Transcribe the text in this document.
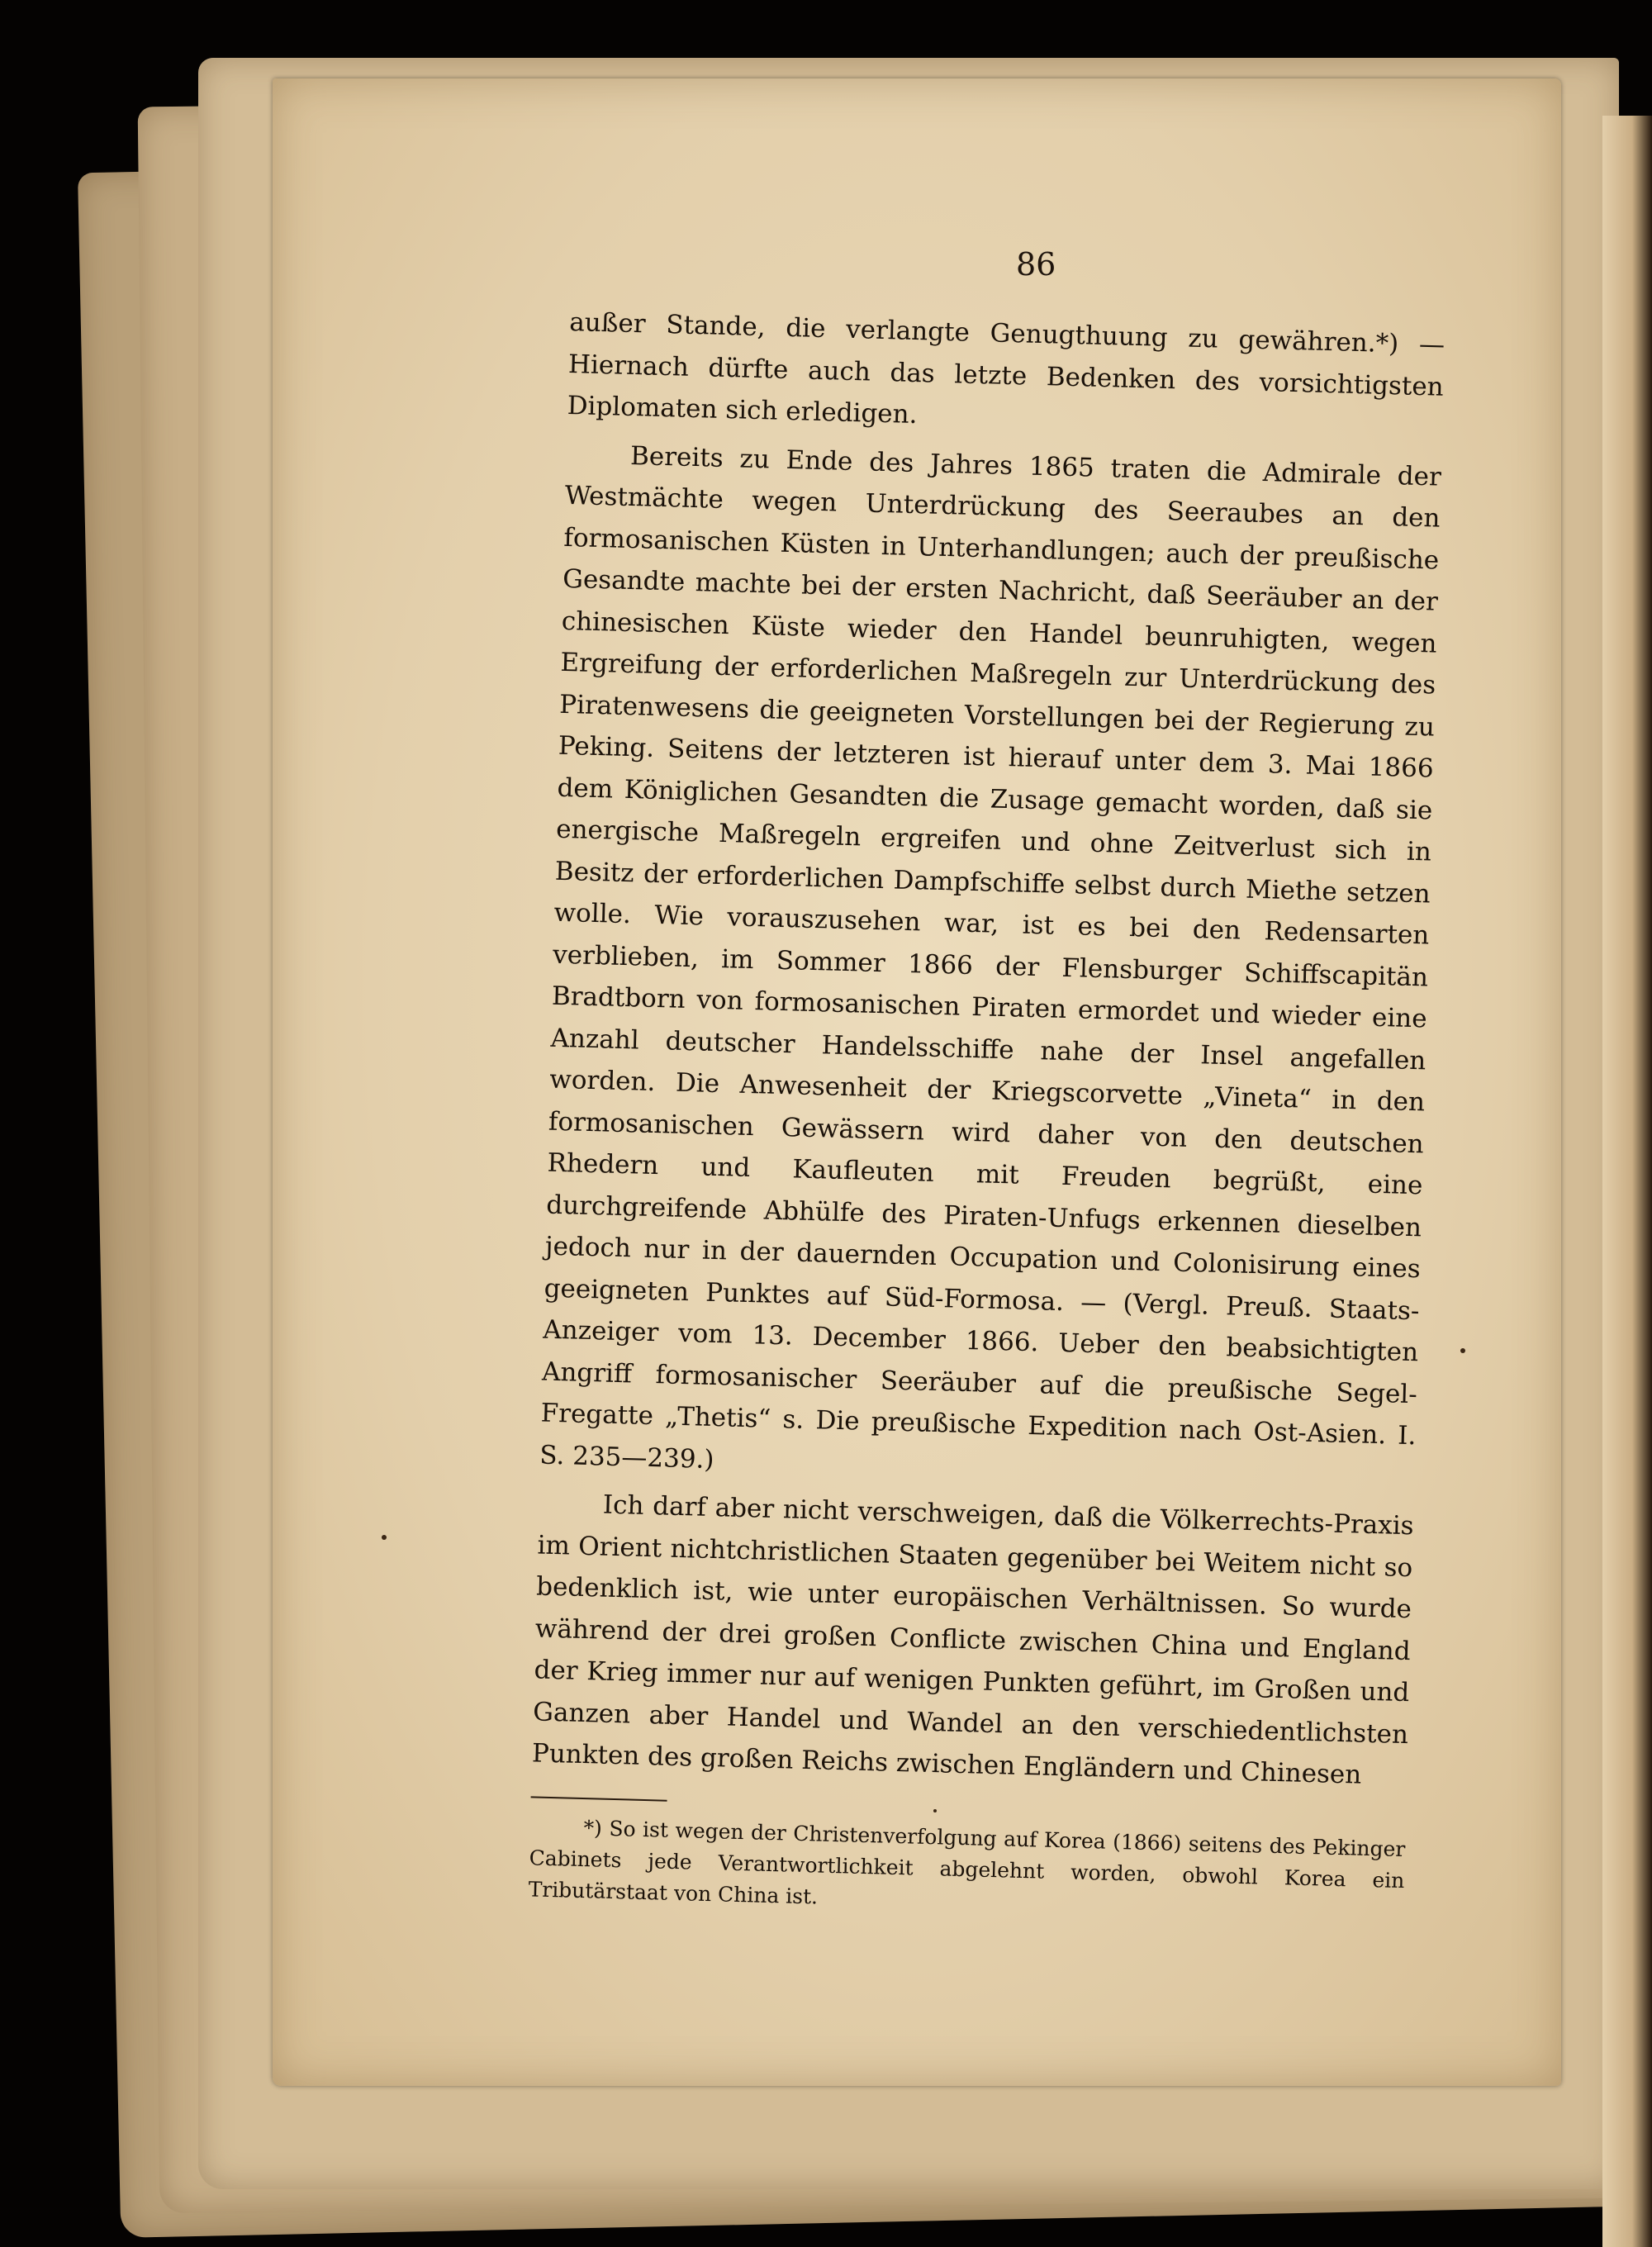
86

außer Stande, die verlangte Genugthuung zu gewähren.*) — Hiernach dürfte auch das letzte Bedenken des vorsichtigsten Diplomaten sich erledigen.

Bereits zu Ende des Jahres 1865 traten die Admirale der Westmächte wegen Unterdrückung des Seeraubes an den formosanischen Küsten in Unterhandlungen; auch der preußische Gesandte machte bei der ersten Nachricht, daß Seeräuber an der chinesischen Küste wieder den Handel beunruhigten, wegen Ergreifung der erforderlichen Maßregeln zur Unterdrückung des Piratenwesens die geeigneten Vorstellungen bei der Regierung zu Peking. Seitens der letzteren ist hierauf unter dem 3. Mai 1866 dem Königlichen Gesandten die Zusage gemacht worden, daß sie energische Maßregeln ergreifen und ohne Zeitverlust sich in Besitz der erforderlichen Dampfschiffe selbst durch Miethe setzen wolle. Wie vorauszusehen war, ist es bei den Redensarten verblieben, im Sommer 1866 der Flensburger Schiffscapitän Bradtborn von formosanischen Piraten ermordet und wieder eine Anzahl deutscher Handelsschiffe nahe der Insel angefallen worden. Die Anwesenheit der Kriegscorvette „Vineta“ in den formosanischen Gewässern wird daher von den deutschen Rhedern und Kaufleuten mit Freuden begrüßt, eine durchgreifende Abhülfe des Piraten-Unfugs erkennen dieselben jedoch nur in der dauernden Occupation und Colonisirung eines geeigneten Punktes auf Süd-Formosa. — (Vergl. Preuß. Staats-Anzeiger vom 13. December 1866. Ueber den beabsichtigten Angriff formosanischer Seeräuber auf die preußische Segel-Fregatte „Thetis“ s. Die preußische Expedition nach Ost-Asien. I. S. 235—239.)

Ich darf aber nicht verschweigen, daß die Völkerrechts-Praxis im Orient nichtchristlichen Staaten gegenüber bei Weitem nicht so bedenklich ist, wie unter europäischen Verhältnissen. So wurde während der drei großen Conflicte zwischen China und England der Krieg immer nur auf wenigen Punkten geführt, im Großen und Ganzen aber Handel und Wandel an den verschiedentlichsten Punkten des großen Reichs zwischen Engländern und Chinesen

*) So ist wegen der Christenverfolgung auf Korea (1866) seitens des Pekinger Cabinets jede Verantwortlichkeit abgelehnt worden, obwohl Korea ein Tributärstaat von China ist.
